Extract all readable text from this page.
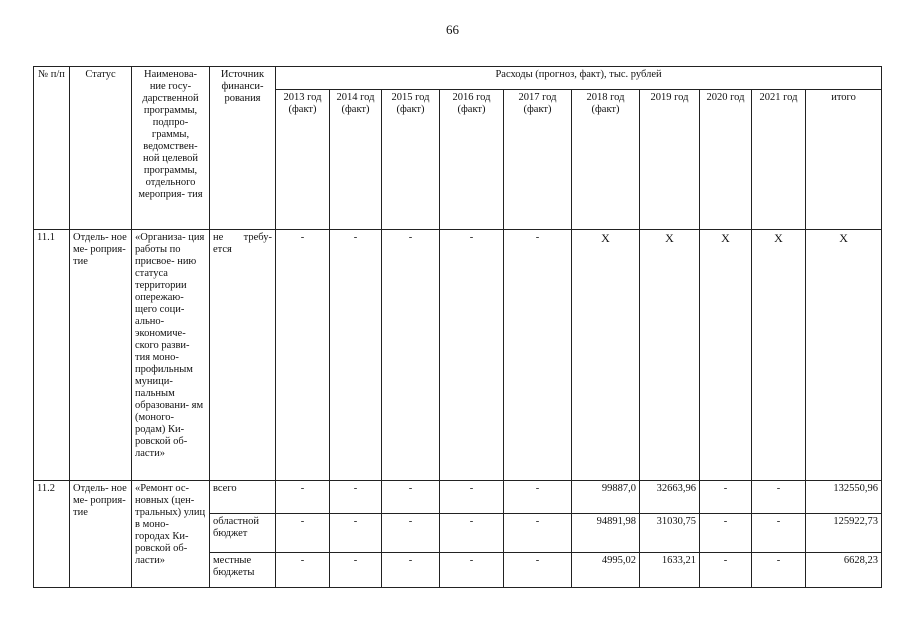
66
№ п/п	Статус	Наименова- ние госу- дарственной программы, подпро- граммы, ведомствен- ной целевой программы, отдельного мероприя- тия	Источник финанси- рования	Расходы (прогноз, факт), тыс. рублей									
				2013 год (факт)	2014 год (факт)	2015 год (факт)	2016 год (факт)	2017 год (факт)	2018 год (факт)	2019 год	2020 год	2021 год	итого
11.1	Отдель- ное ме- роприя- тие	«Организа- ция работы по присвое- нию статуса территории опережаю- щего соци- ально- экономиче- ского разви- тия моно- профильным муници- пальным образовани- ям (моного- родам) Ки- ровской об- ласти»	не требу- ется	-	-	-	-	-	X	X	X	X	X
11.2	Отдель- ное ме- роприя- тие	«Ремонт ос- новных (цен- тральных) улиц в моно- городах Ки- ровской об- ласти»	всего	-	-	-	-	-	99887,0	32663,96	-	-	132550,96
			областной бюджет	-	-	-	-	-	94891,98	31030,75	-	-	125922,73
			местные бюджеты	-	-	-	-	-	4995,02	1633,21	-	-	6628,23
